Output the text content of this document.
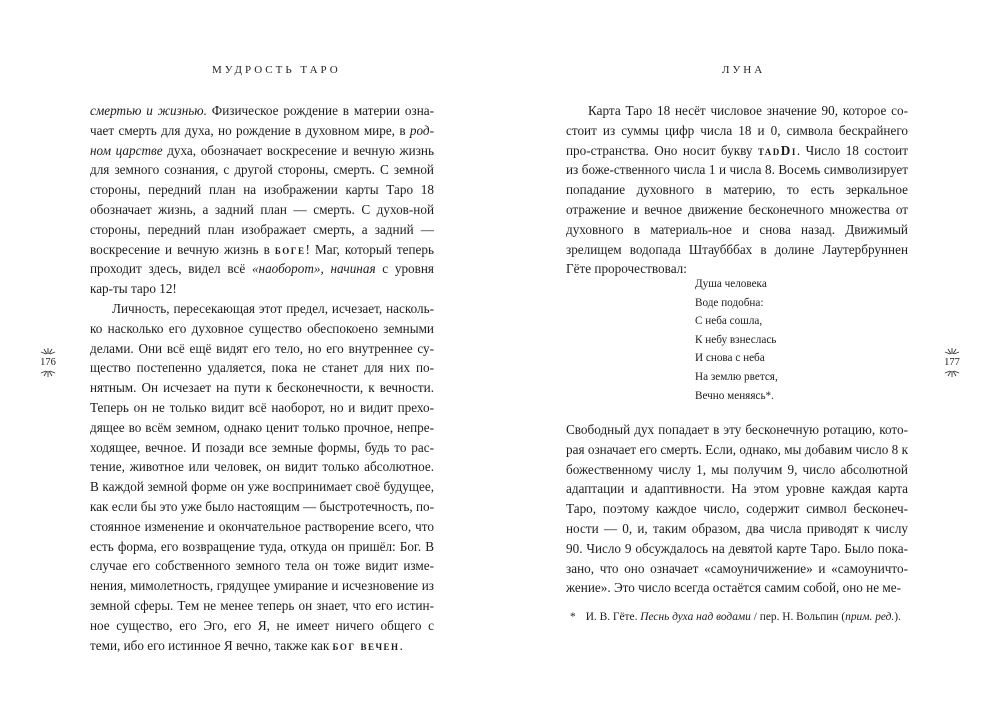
МУДРОСТЬ ТАРО
176

смертью и жизнью. Физическое рождение в материи озна-чает смерть для духа, но рождение в духовном мире, в род-ном царстве духа, обозначает воскресение и вечную жизнь для земного сознания, с другой стороны, смерть. С земной стороны, передний план на изображении карты Таро 18 обозначает жизнь, а задний план — смерть. С духов-ной стороны, передний план изображает смерть, а задний — воскресение и вечную жизнь в боге! Маг, который теперь проходит здесь, видел всё «наоборот», начиная с уровня кар-ты таро 12!

Личность, пересекающая этот предел, исчезает, насколь-ко насколько его духовное существо обеспокоено земными делами. Они всё ещё видят его тело, но его внутреннее су-щество постепенно удаляется, пока не станет для них по-нятным. Он исчезает на пути к бесконечности, к вечности. Теперь он не только видит всё наоборот, но и видит прехо-дящее во всём земном, однако ценит только прочное, непре-ходящее, вечное. И позади все земные формы, будь то рас-тение, животное или человек, он видит только абсолютное. В каждой земной форме он уже воспринимает своё будущее, как если бы это уже было настоящим — быстротечность, по-стоянное изменение и окончательное растворение всего, что есть форма, его возвращение туда, откуда он пришёл: Бог. В случае его собственного земного тела он тоже видит изме-нения, мимолетность, грядущее умирание и исчезновение из земной сферы. Тем не менее теперь он знает, что его истин-ное существо, его Эго, его Я, не имеет ничего общего с теми, ибо его истинное Я вечно, также как бог вечен.

ЛУНА
177

Карта Таро 18 несёт числовое значение 90, которое со-стоит из суммы цифр числа 18 и 0, символа бескрайнего про-странства. Оно носит букву tadDi. Число 18 состоит из боже-ственного числа 1 и числа 8. Восемь символизирует попадание духовного в материю, то есть зеркальное отражение и вечное движение бесконечного множества от духовного в материаль-ное и снова назад. Движимый зрелищем водопада Штаубббах в долине Лаутербруннен Гёте пророчествовал:

Душа человека
Воде подобна:
С неба сошла,
К небу взнеслась
И снова с неба
На землю рвется,
Вечно меняясь*.

Свободный дух попадает в эту бесконечную ротацию, кото-рая означает его смерть. Если, однако, мы добавим число 8 к божественному числу 1, мы получим 9, число абсолютной адаптации и адаптивности. На этом уровне каждая карта Таро, поэтому каждое число, содержит символ бесконеч-ности — 0, и, таким образом, два числа приводят к числу 90. Число 9 обсуждалось на девятой карте Таро. Было пока-зано, что оно означает «самоуничижение» и «самоуничто-жение». Это число всегда остаётся самим собой, оно не ме-

* И. В. Гёте. Песнь духа над водами / пер. Н. Вольпин (прим. ред.).
